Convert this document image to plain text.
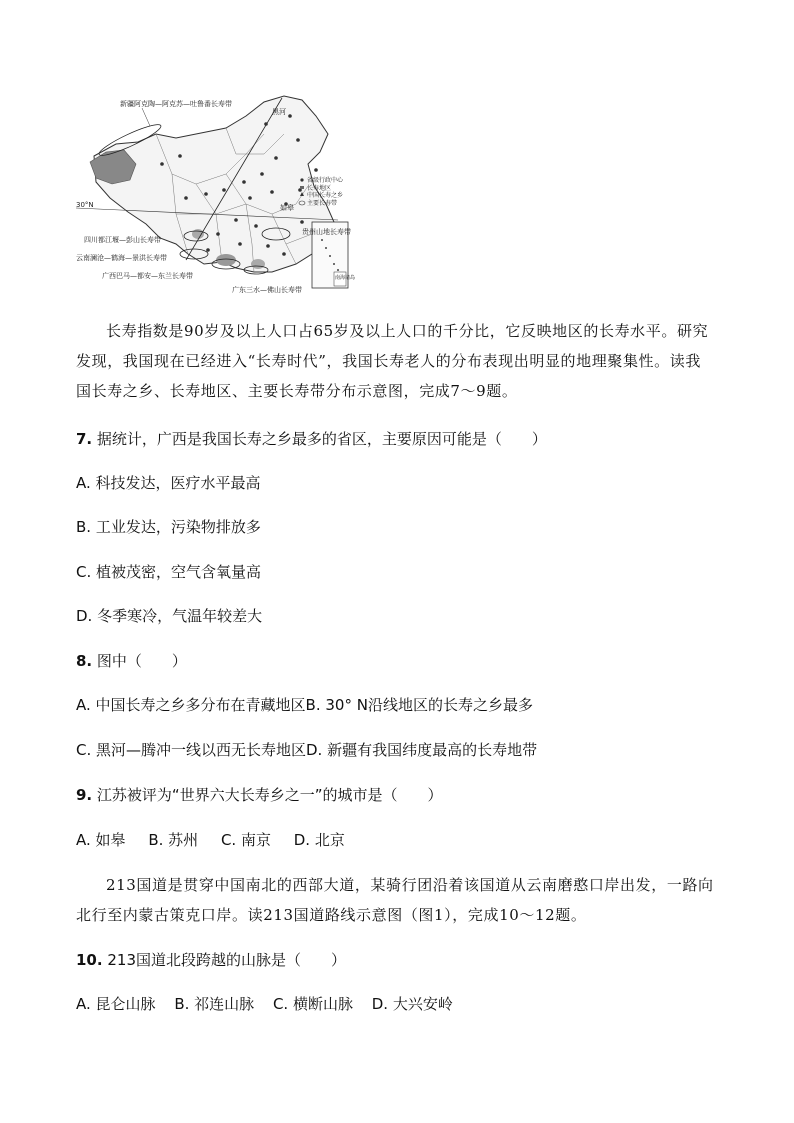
省级行政中心
长寿地区
中国长寿之乡
主要长寿带
南海诸岛
新疆阿克陶—阿克苏—吐鲁番长寿带
黑河
30°N	如皋
贵州山地长寿带
四川都江堰—彭山长寿带
云南澜沧—鹤海—景洪长寿带
广西巴马—都安—东兰长寿带
广东三水—佛山长寿带

长寿指数是90岁及以上人口占65岁及以上人口的千分比，它反映地区的长寿水平。研究发现，我国现在已经进入“长寿时代”，我国长寿老人的分布表现出明显的地理聚集性。读我国长寿之乡、长寿地区、主要长寿带分布示意图，完成7～9题。

7. 据统计，广西是我国长寿之乡最多的省区，主要原因可能是（　　）
A. 科技发达，医疗水平最高
B. 工业发达，污染物排放多
C. 植被茂密，空气含氧量高
D. 冬季寒冷，气温年较差大
8. 图中（　　）
A. 中国长寿之乡多分布在青藏地区B. 30° N沿线地区的长寿之乡最多
C. 黑河—腾冲一线以西无长寿地区D. 新疆有我国纬度最高的长寿地带
9. 江苏被评为“世界六大长寿乡之一”的城市是（　　）
A. 如皋 B. 苏州 C. 南京 D. 北京

213国道是贯穿中国南北的西部大道，某骑行团沿着该国道从云南磨憨口岸出发，一路向北行至内蒙古策克口岸。读213国道路线示意图（图1），完成10～12题。

10. 213国道北段跨越的山脉是（　　）
A. 昆仑山脉 B. 祁连山脉 C. 横断山脉 D. 大兴安岭
